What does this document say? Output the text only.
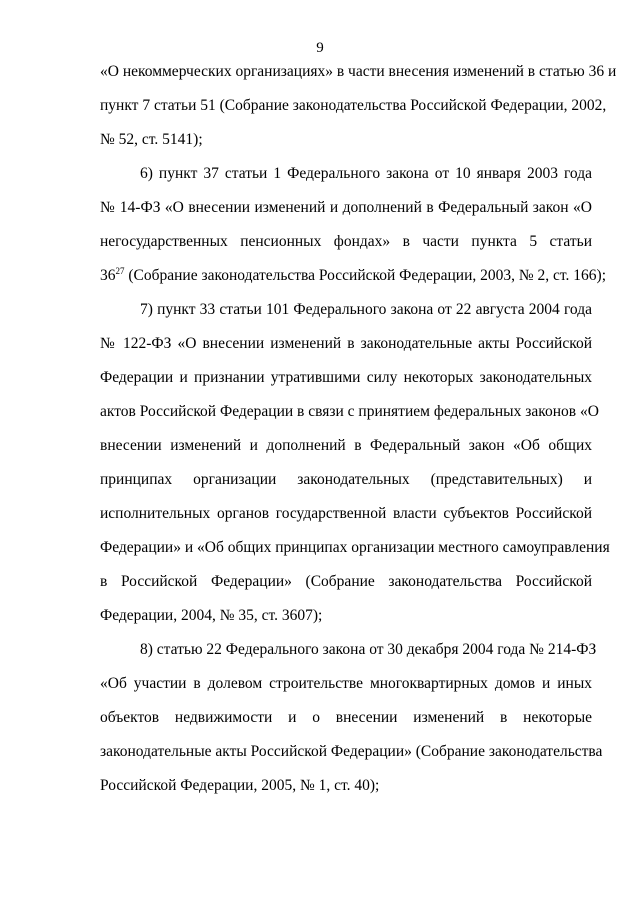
9
«О некоммерческих организациях» в части внесения изменений в статью 36 и
пункт 7 статьи 51 (Собрание законодательства Российской Федерации, 2002,
№ 52, ст. 5141);
6) пункт 37 статьи 1 Федерального закона от 10 января 2003 года
№ 14-ФЗ «О внесении изменений и дополнений в Федеральный закон «О
негосударственных пенсионных фондах» в части пункта 5 статьи
$36^{27}$ (Собрание законодательства Российской Федерации, 2003, № 2, ст. 166);
7) пункт 33 статьи 101 Федерального закона от 22 августа 2004 года
№ 122-ФЗ «О внесении изменений в законодательные акты Российской
Федерации и признании утратившими силу некоторых законодательных
актов Российской Федерации в связи с принятием федеральных законов «О
внесении изменений и дополнений в Федеральный закон «Об общих
принципах организации законодательных (представительных) и
исполнительных органов государственной власти субъектов Российской
Федерации» и «Об общих принципах организации местного самоуправления
в Российской Федерации» (Собрание законодательства Российской
Федерации, 2004, № 35, ст. 3607);
8) статью 22 Федерального закона от 30 декабря 2004 года № 214-ФЗ
«Об участии в долевом строительстве многоквартирных домов и иных
объектов недвижимости и о внесении изменений в некоторые
законодательные акты Российской Федерации» (Собрание законодательства
Российской Федерации, 2005, № 1, ст. 40);
